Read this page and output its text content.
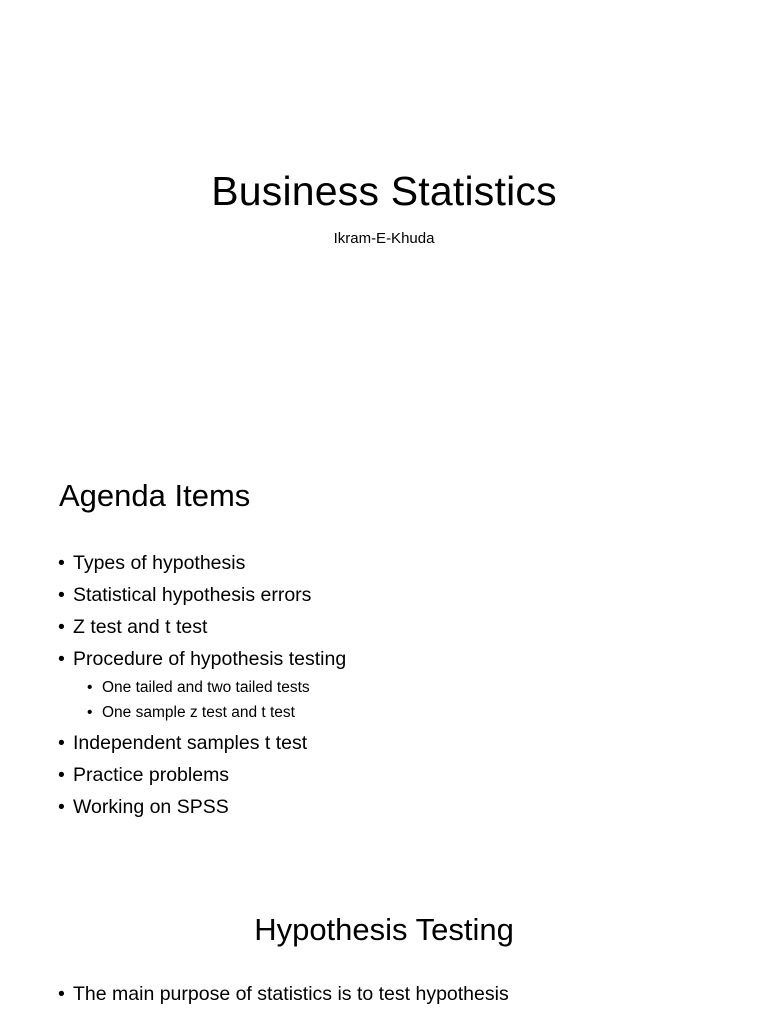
Business Statistics
Ikram-E-Khuda
Agenda Items
• Types of hypothesis
• Statistical hypothesis errors
• Z test and t test
• Procedure of hypothesis testing
• One tailed and two tailed tests
• One sample z test and t test
• Independent samples t test
• Practice problems
• Working on SPSS
Hypothesis Testing
• The main purpose of statistics is to test hypothesis
